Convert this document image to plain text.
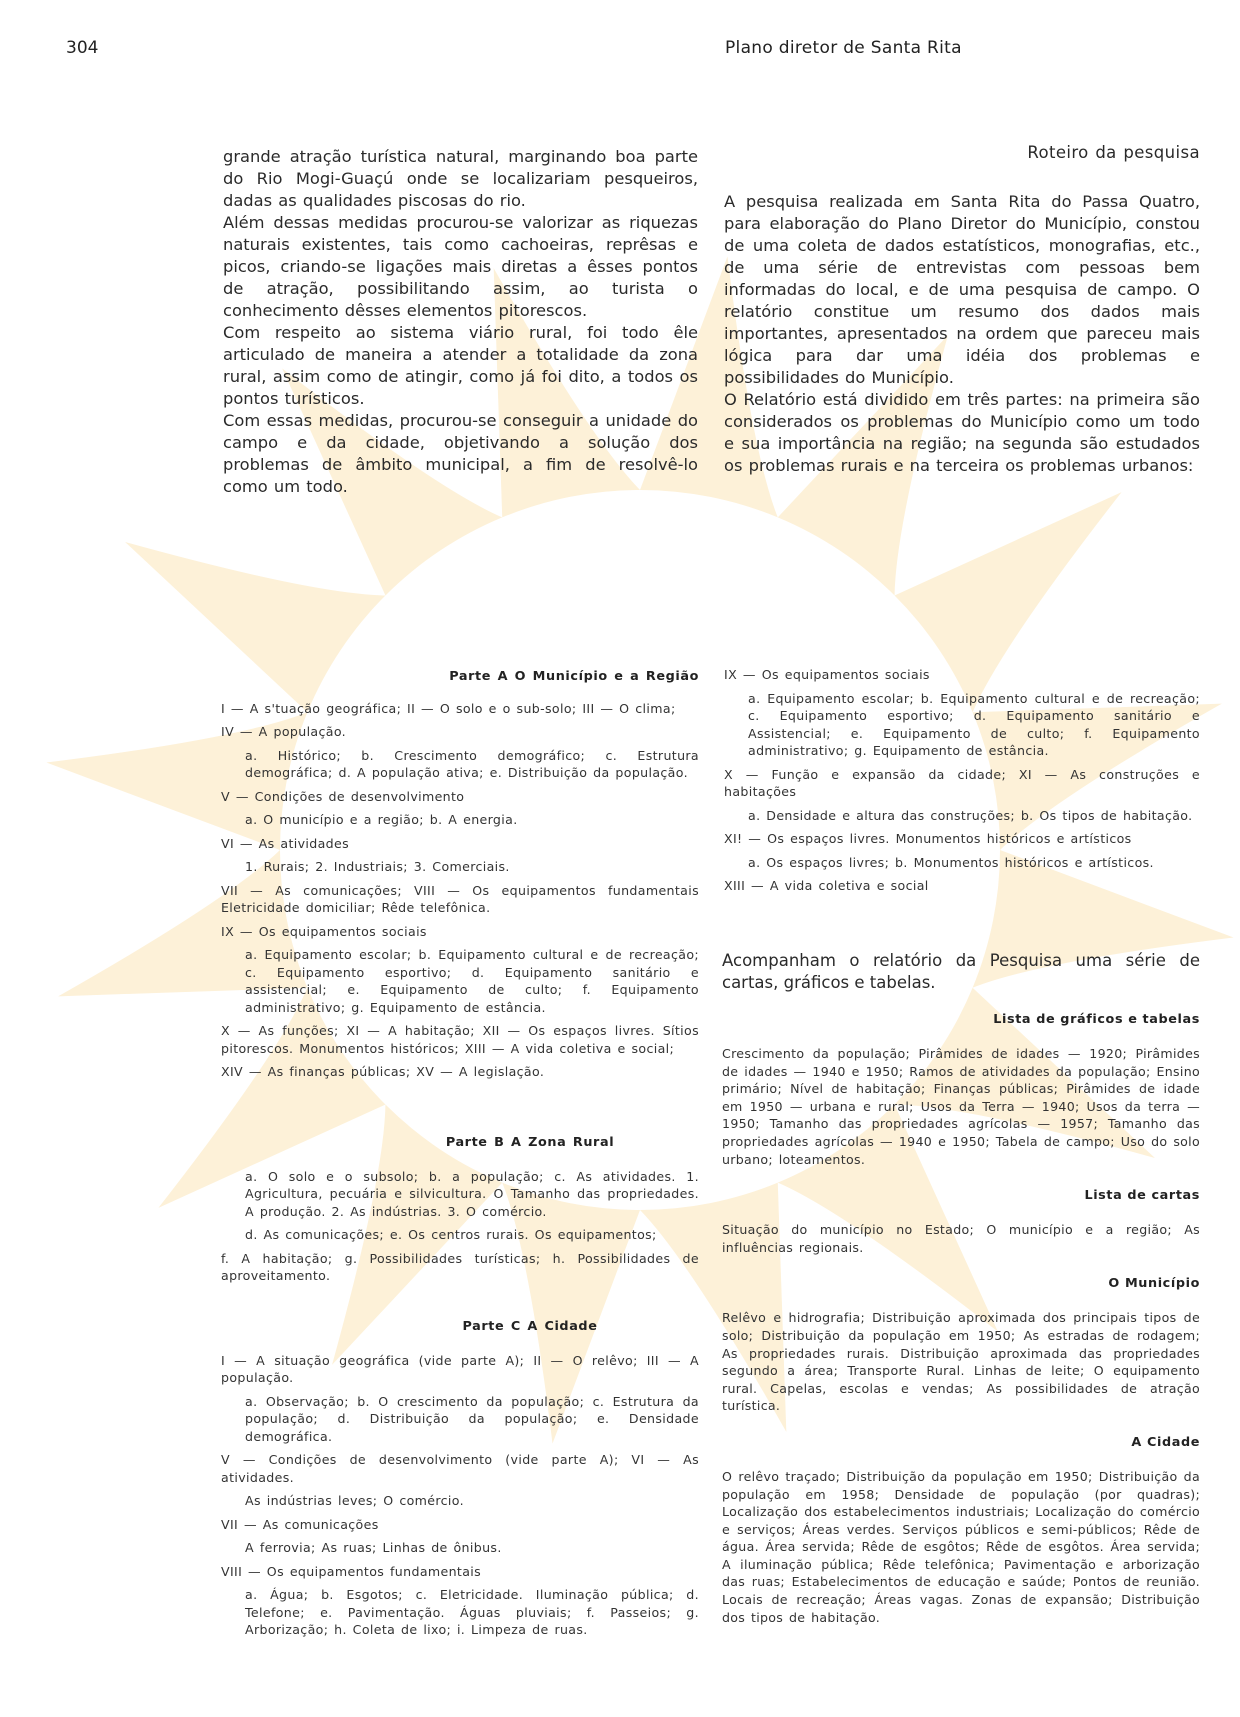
304	Plano diretor de Santa Rita

grande atração turística natural, marginando boa parte do Rio Mogi-Guaçú onde se localizariam pesqueiros, dadas as qualidades piscosas do rio.

Além dessas medidas procurou-se valorizar as riquezas naturais existentes, tais como cachoeiras, reprêsas e picos, criando-se ligações mais diretas a êsses pontos de atração, possibilitando assim, ao turista o conhecimento dêsses elementos pitorescos.

Com respeito ao sistema viário rural, foi todo êle articulado de maneira a atender a totalidade da zona rural, assim como de atingir, como já foi dito, a todos os pontos turísticos.

Com essas medidas, procurou-se conseguir a unidade do campo e da cidade, objetivando a solução dos problemas de âmbito municipal, a fim de resolvê-lo como um todo.

Roteiro da pesquisa

A pesquisa realizada em Santa Rita do Passa Quatro, para elaboração do Plano Diretor do Município, constou de uma coleta de dados estatísticos, monografias, etc., de uma série de entrevistas com pessoas bem informadas do local, e de uma pesquisa de campo. O relatório constitue um resumo dos dados mais importantes, apresentados na ordem que pareceu mais lógica para dar uma idéia dos problemas e possibilidades do Município.

O Relatório está dividido em três partes: na primeira são considerados os problemas do Município como um todo e sua importância na região; na segunda são estudados os problemas rurais e na terceira os problemas urbanos:

Parte A O Município e a Região

I — A s'tuação geográfica; II — O solo e o sub-solo; III — O clima;

IV — A população.

a. Histórico; b. Crescimento demográfico; c. Estrutura demográfica; d. A população ativa; e. Distribuição da população.

V — Condições de desenvolvimento

a. O município e a região; b. A energia.

VI — As atividades

1. Rurais; 2. Industriais; 3. Comerciais.

VII — As comunicações; VIII — Os equipamentos fundamentais Eletricidade domiciliar; Rêde telefônica.

IX — Os equipamentos sociais

a. Equipamento escolar; b. Equipamento cultural e de recreação; c. Equipamento esportivo; d. Equipamento sanitário e assistencial; e. Equipamento de culto; f. Equipamento administrativo; g. Equipamento de estância.

X — As funções; XI — A habitação; XII — Os espaços livres. Sítios pitorescos. Monumentos históricos; XIII — A vida coletiva e social;

XIV — As finanças públicas; XV — A legislação.

Parte B A Zona Rural

a. O solo e o subsolo; b. a população; c. As atividades. 1. Agricultura, pecuária e silvicultura. O Tamanho das propriedades. A produção. 2. As indústrias. 3. O comércio.

d. As comunicações; e. Os centros rurais. Os equipamentos;

f. A habitação; g. Possibilidades turísticas; h. Possibilidades de aproveitamento.

Parte C A Cidade

I — A situação geográfica (vide parte A); II — O relêvo; III — A população.

a. Observação; b. O crescimento da população; c. Estrutura da população; d. Distribuição da população; e. Densidade demográfica.

V — Condições de desenvolvimento (vide parte A); VI — As atividades.

As indústrias leves; O comércio.

VII — As comunicações

A ferrovia; As ruas; Linhas de ônibus.

VIII — Os equipamentos fundamentais

a. Água; b. Esgotos; c. Eletricidade. Iluminação pública; d. Telefone; e. Pavimentação. Águas pluviais; f. Passeios; g. Arborização; h. Coleta de lixo; i. Limpeza de ruas.

IX — Os equipamentos sociais

a. Equipamento escolar; b. Equipamento cultural e de recreação; c. Equipamento esportivo; d. Equipamento sanitário e Assistencial; e. Equipamento de culto; f. Equipamento administrativo; g. Equipamento de estância.

X — Função e expansão da cidade; XI — As construções e habitações

a. Densidade e altura das construções; b. Os tipos de habitação.

XI! — Os espaços livres. Monumentos históricos e artísticos

a. Os espaços livres; b. Monumentos históricos e artísticos.

XIII — A vida coletiva e social

Acompanham o relatório da Pesquisa uma série de cartas, gráficos e tabelas.

Lista de gráficos e tabelas

Crescimento da população; Pirâmides de idades — 1920; Pirâmides de idades — 1940 e 1950; Ramos de atividades da população; Ensino primário; Nível de habitação; Finanças públicas; Pirâmides de idade em 1950 — urbana e rural; Usos da Terra — 1940; Usos da terra — 1950; Tamanho das propriedades agrícolas — 1957; Tamanho das propriedades agrícolas — 1940 e 1950; Tabela de campo; Uso do solo urbano; loteamentos.

Lista de cartas

Situação do município no Estado; O município e a região; As influências regionais.

O Município

Relêvo e hidrografia; Distribuição aproximada dos principais tipos de solo; Distribuição da população em 1950; As estradas de rodagem; As propriedades rurais. Distribuição aproximada das propriedades segundo a área; Transporte Rural. Linhas de leite; O equipamento rural. Capelas, escolas e vendas; As possibilidades de atração turística.

A Cidade

O relêvo traçado; Distribuição da população em 1950; Distribuição da população em 1958; Densidade de população (por quadras); Localização dos estabelecimentos industriais; Localização do comércio e serviços; Áreas verdes. Serviços públicos e semi-públicos; Rêde de água. Área servida; Rêde de esgôtos; Rêde de esgôtos. Área servida; A iluminação pública; Rêde telefônica; Pavimentação e arborização das ruas; Estabelecimentos de educação e saúde; Pontos de reunião. Locais de recreação; Áreas vagas. Zonas de expansão; Distribuição dos tipos de habitação.
